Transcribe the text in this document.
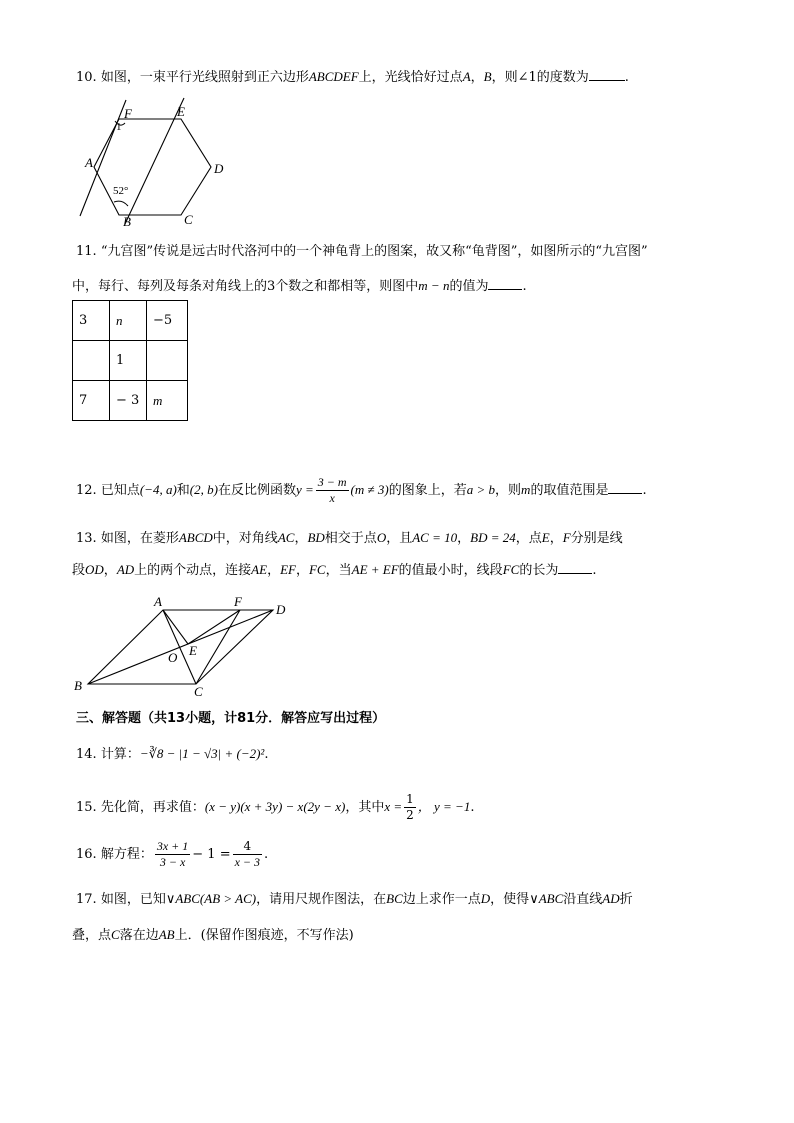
10. 如图，一束平行光线照射到正六边形ABCDEF上，光线恰好过点A，B，则∠1的度数为	.
F	E
D
C
B
A
1
52°
11. “九宫图”传说是远古时代洛河中的一个神龟背上的图案，故又称“龟背图”，如图所示的“九宫图”
中，每行、每列及每条对角线上的3个数之和都相等，则图中m − n的值为	.
3	n	−5
	1	
7	− 3	m
12. 已知点(−4, a)和(2, b)在反比例函数$y = \frac{3 - m}{x} (m \ne 3)$的图象上，若a > b，则m的取值范围是	.
13. 如图，在菱形ABCD中，对角线AC，BD相交于点O，且AC = 10，BD = 24，点E，F分别是线
段OD，AD上的两个动点，连接AE，EF，FC，当AE + EF的值最小时，线段FC的长为	.
A	F
D
E
O
B	C
三、解答题（共13小题，计81分．解答应写出过程）
14. 计算：−∛8 − |1 − √3| + (−2)².
15. 先化简，再求值：(x − y)(x + 3y) − x(2y − x)，其中$x = \frac{1}{2}$ ， y = −1.
16. 解方程： $\frac{3x + 1}{3 - x} - 1 = \frac{4}{x - 3}$ .
17. 如图，已知∨ABC(AB > AC)，请用尺规作图法，在BC边上求作一点D，使得∨ABC沿直线AD折
叠，点C落在边AB上．(保留作图痕迹，不写作法)
